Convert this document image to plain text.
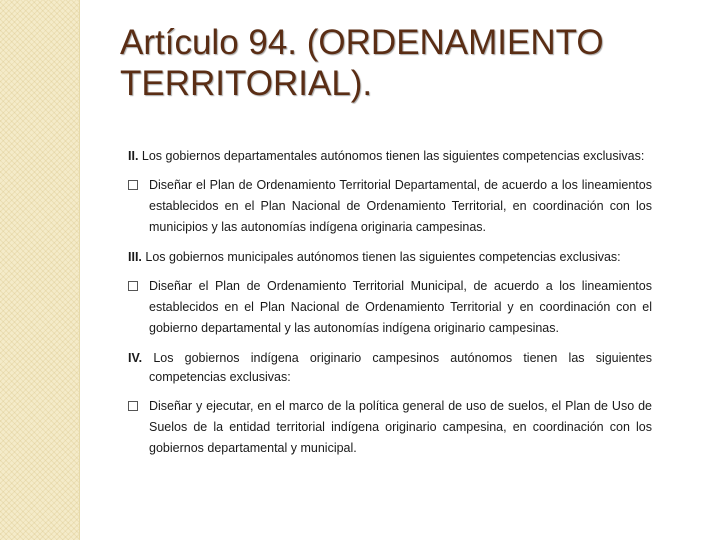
Artículo 94. (ORDENAMIENTO TERRITORIAL).

II. Los gobiernos departamentales autónomos tienen las siguientes competencias exclusivas:

Diseñar el Plan de Ordenamiento Territorial Departamental, de acuerdo a los lineamientos establecidos en el Plan Nacional de Ordenamiento Territorial, en coordinación con los municipios y las autonomías indígena originaria campesinas.

III. Los gobiernos municipales autónomos tienen las siguientes competencias exclusivas:

Diseñar el Plan de Ordenamiento Territorial Municipal, de acuerdo a los lineamientos establecidos en el Plan Nacional de Ordenamiento Territorial y en coordinación con el gobierno departamental y las autonomías indígena originario campesinas.

IV. Los gobiernos indígena originario campesinos autónomos tienen las siguientes competencias exclusivas:

Diseñar y ejecutar, en el marco de la política general de uso de suelos, el Plan de Uso de Suelos de la entidad territorial indígena originario campesina, en coordinación con los gobiernos departamental y municipal.
